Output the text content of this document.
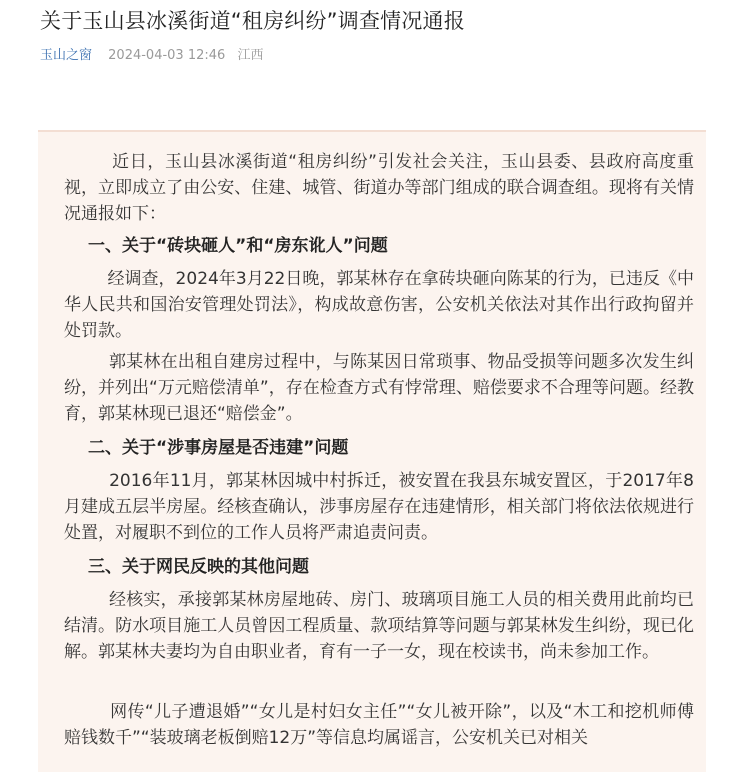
关于玉山县冰溪街道“租房纠纷”调查情况通报
玉山之窗 2024-04-03 12:46 江西
近日，玉山县冰溪街道“租房纠纷”引发社会关注，玉山县委、县政府高度重视，立即成立了由公安、住建、城管、街道办等部门组成的联合调查组。现将有关情况通报如下：
一、关于“砖块砸人”和“房东讹人”问题
经调查，2024年3月22日晚，郭某林存在拿砖块砸向陈某的行为，已违反《中华人民共和国治安管理处罚法》，构成故意伤害，公安机关依法对其作出行政拘留并处罚款。
郭某林在出租自建房过程中，与陈某因日常琐事、物品受损等问题多次发生纠纷，并列出“万元赔偿清单”，存在检查方式有悖常理、赔偿要求不合理等问题。经教育，郭某林现已退还“赔偿金”。
二、关于“涉事房屋是否违建”问题
2016年11月，郭某林因城中村拆迁，被安置在我县东城安置区，于2017年8月建成五层半房屋。经核查确认，涉事房屋存在违建情形，相关部门将依法依规进行处置，对履职不到位的工作人员将严肃追责问责。
三、关于网民反映的其他问题
经核实，承接郭某林房屋地砖、房门、玻璃项目施工人员的相关费用此前均已结清。防水项目施工人员曾因工程质量、款项结算等问题与郭某林发生纠纷，现已化解。郭某林夫妻均为自由职业者，育有一子一女，现在校读书，尚未参加工作。
网传“儿子遭退婚”“女儿是村妇女主任”“女儿被开除”，以及“木工和挖机师傅赔钱数千”“装玻璃老板倒赔12万”等信息均属谣言，公安机关已对相关
